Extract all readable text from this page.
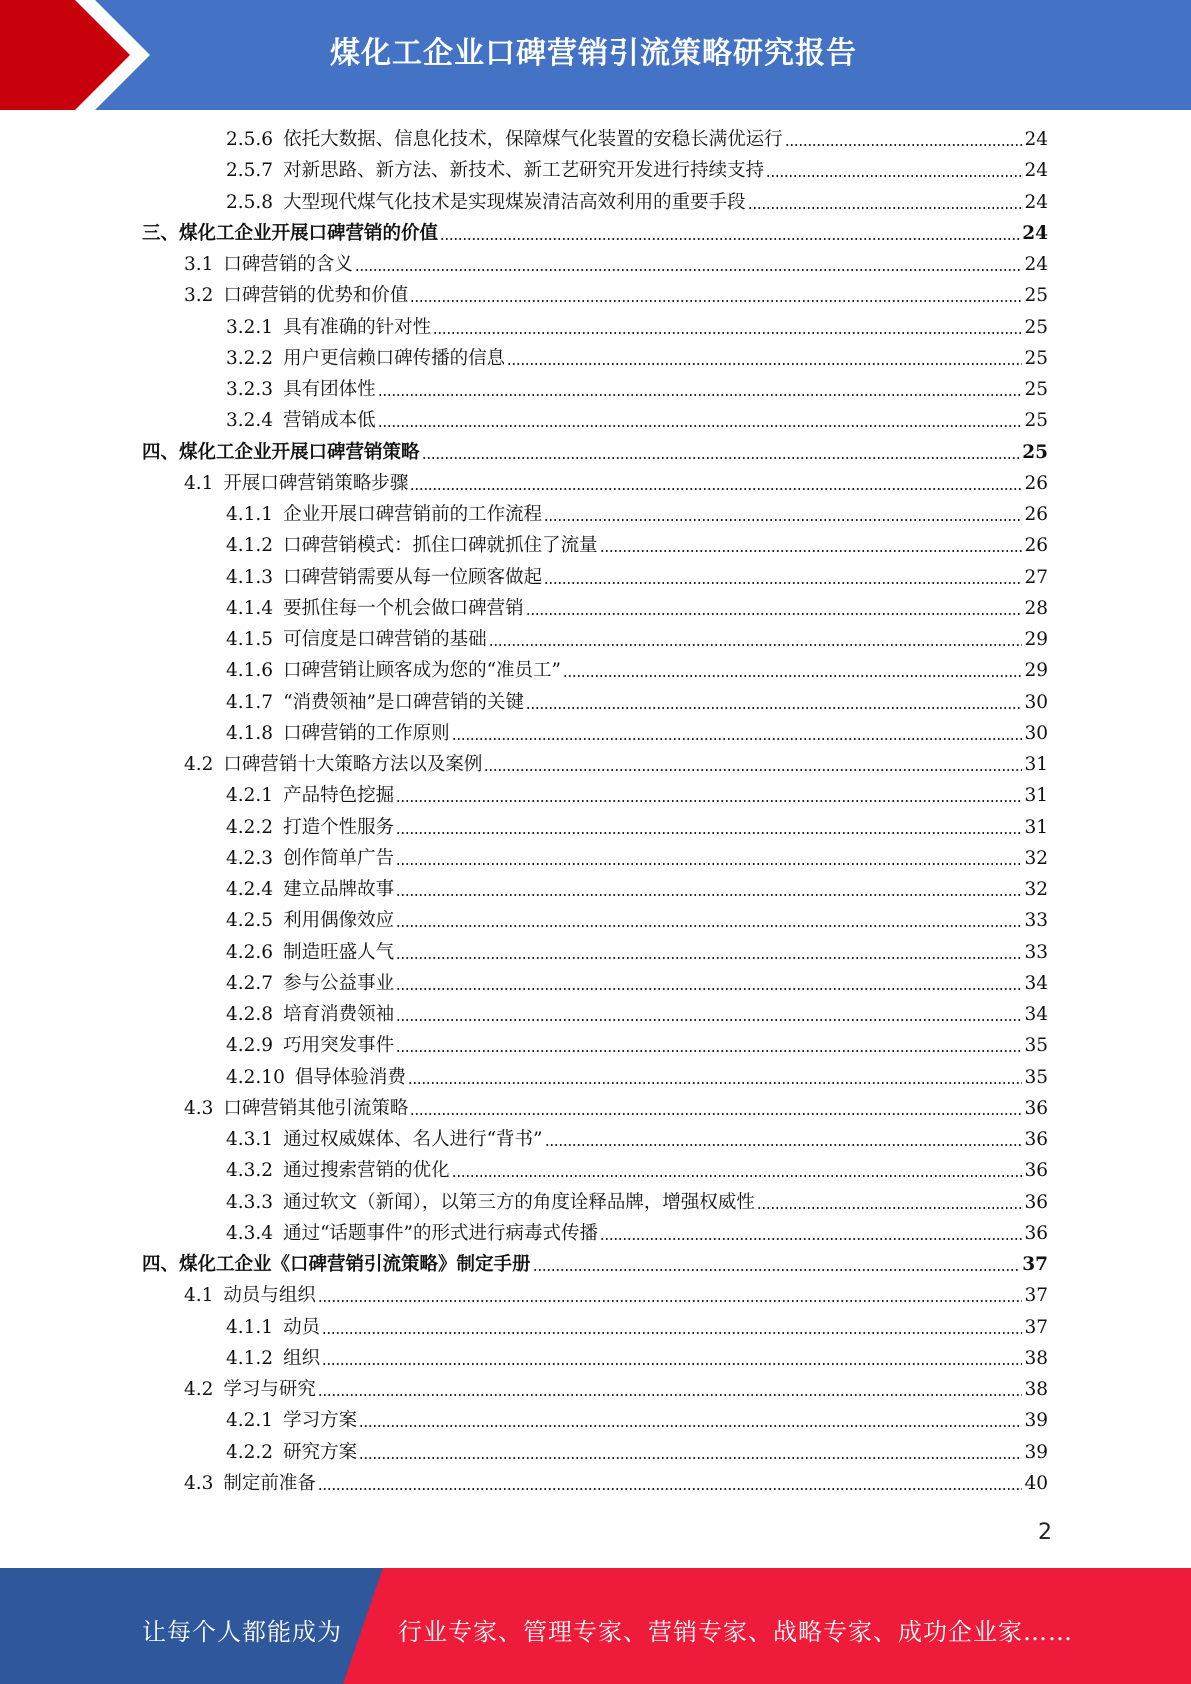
煤化工企业口碑营销引流策略研究报告
2.5.6 依托大数据、信息化技术，保障煤气化装置的安稳长满优运行	24
2.5.7 对新思路、新方法、新技术、新工艺研究开发进行持续支持	24
2.5.8 大型现代煤气化技术是实现煤炭清洁高效利用的重要手段	24
三、煤化工企业开展口碑营销的价值	24
3.1 口碑营销的含义	24
3.2 口碑营销的优势和价值	25
3.2.1 具有准确的针对性	25
3.2.2 用户更信赖口碑传播的信息	25
3.2.3 具有团体性	25
3.2.4 营销成本低	25
四、煤化工企业开展口碑营销策略	25
4.1 开展口碑营销策略步骤	26
4.1.1 企业开展口碑营销前的工作流程	26
4.1.2 口碑营销模式：抓住口碑就抓住了流量	26
4.1.3 口碑营销需要从每一位顾客做起	27
4.1.4 要抓住每一个机会做口碑营销	28
4.1.5 可信度是口碑营销的基础	29
4.1.6 口碑营销让顾客成为您的“准员工”	29
4.1.7 “消费领袖”是口碑营销的关键	30
4.1.8 口碑营销的工作原则	30
4.2 口碑营销十大策略方法以及案例	31
4.2.1 产品特色挖掘	31
4.2.2 打造个性服务	31
4.2.3 创作简单广告	32
4.2.4 建立品牌故事	32
4.2.5 利用偶像效应	33
4.2.6 制造旺盛人气	33
4.2.7 参与公益事业	34
4.2.8 培育消费领袖	34
4.2.9 巧用突发事件	35
4.2.10 倡导体验消费	35
4.3 口碑营销其他引流策略	36
4.3.1 通过权威媒体、名人进行“背书”	36
4.3.2 通过搜索营销的优化	36
4.3.3 通过软文（新闻），以第三方的角度诠释品牌，增强权威性	36
4.3.4 通过“话题事件”的形式进行病毒式传播	36
四、煤化工企业《口碑营销引流策略》制定手册	37
4.1 动员与组织	37
4.1.1 动员	37
4.1.2 组织	38
4.2 学习与研究	38
4.2.1 学习方案	39
4.2.2 研究方案	39
4.3 制定前准备	40
2
让每个人都能成为 行业专家、管理专家、营销专家、战略专家、成功企业家……
